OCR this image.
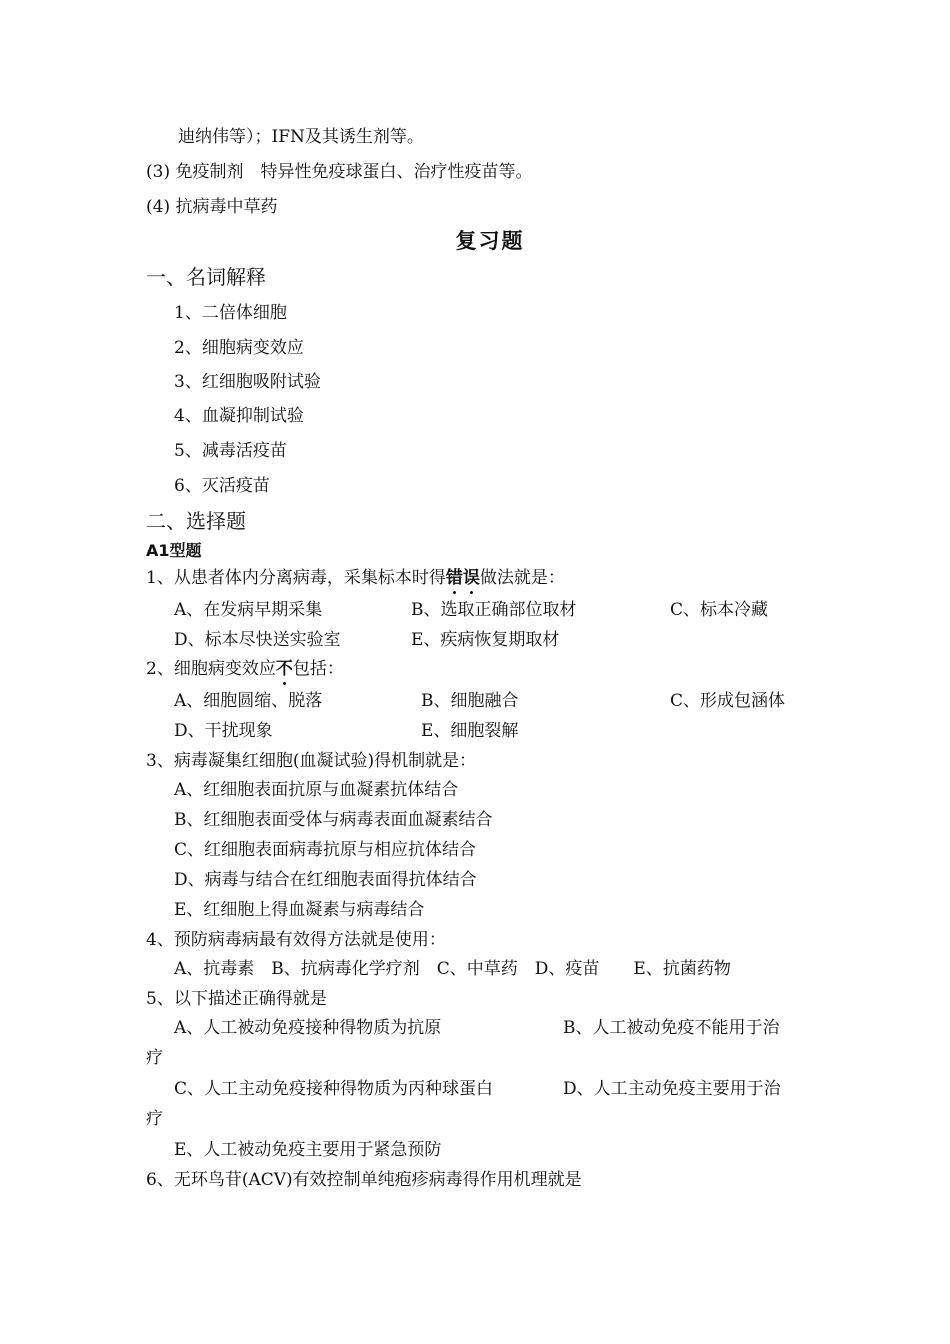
迪纳伟等）；IFN及其诱生剂等。
(3) 免疫制剂　特异性免疫球蛋白、治疗性疫苗等。
(4) 抗病毒中草药
复习题
一、名词解释
1、二倍体细胞
2、细胞病变效应
3、红细胞吸附试验
4、血凝抑制试验
5、减毒活疫苗
6、灭活疫苗
二、选择题
A1型题
1、从患者体内分离病毒，采集标本时得错误做法就是：
A、在发病早期采集	B、选取正确部位取材	C、标本冷藏
D、标本尽快送实验室	E、疾病恢复期取材
2、细胞病变效应不包括：
A、细胞圆缩、脱落	B、细胞融合	C、形成包涵体
D、干扰现象	E、细胞裂解
3、病毒凝集红细胞(血凝试验)得机制就是：
A、红细胞表面抗原与血凝素抗体结合
B、红细胞表面受体与病毒表面血凝素结合
C、红细胞表面病毒抗原与相应抗体结合
D、病毒与结合在红细胞表面得抗体结合
E、红细胞上得血凝素与病毒结合
4、预防病毒病最有效得方法就是使用：
A、抗毒素　B、抗病毒化学疗剂　C、中草药　D、疫苗　　E、抗菌药物
5、以下描述正确得就是
A、人工被动免疫接种得物质为抗原	B、人工被动免疫不能用于治
疗
C、人工主动免疫接种得物质为丙种球蛋白	D、人工主动免疫主要用于治
疗
E、人工被动免疫主要用于紧急预防
6、无环鸟苷(ACV)有效控制单纯疱疹病毒得作用机理就是
